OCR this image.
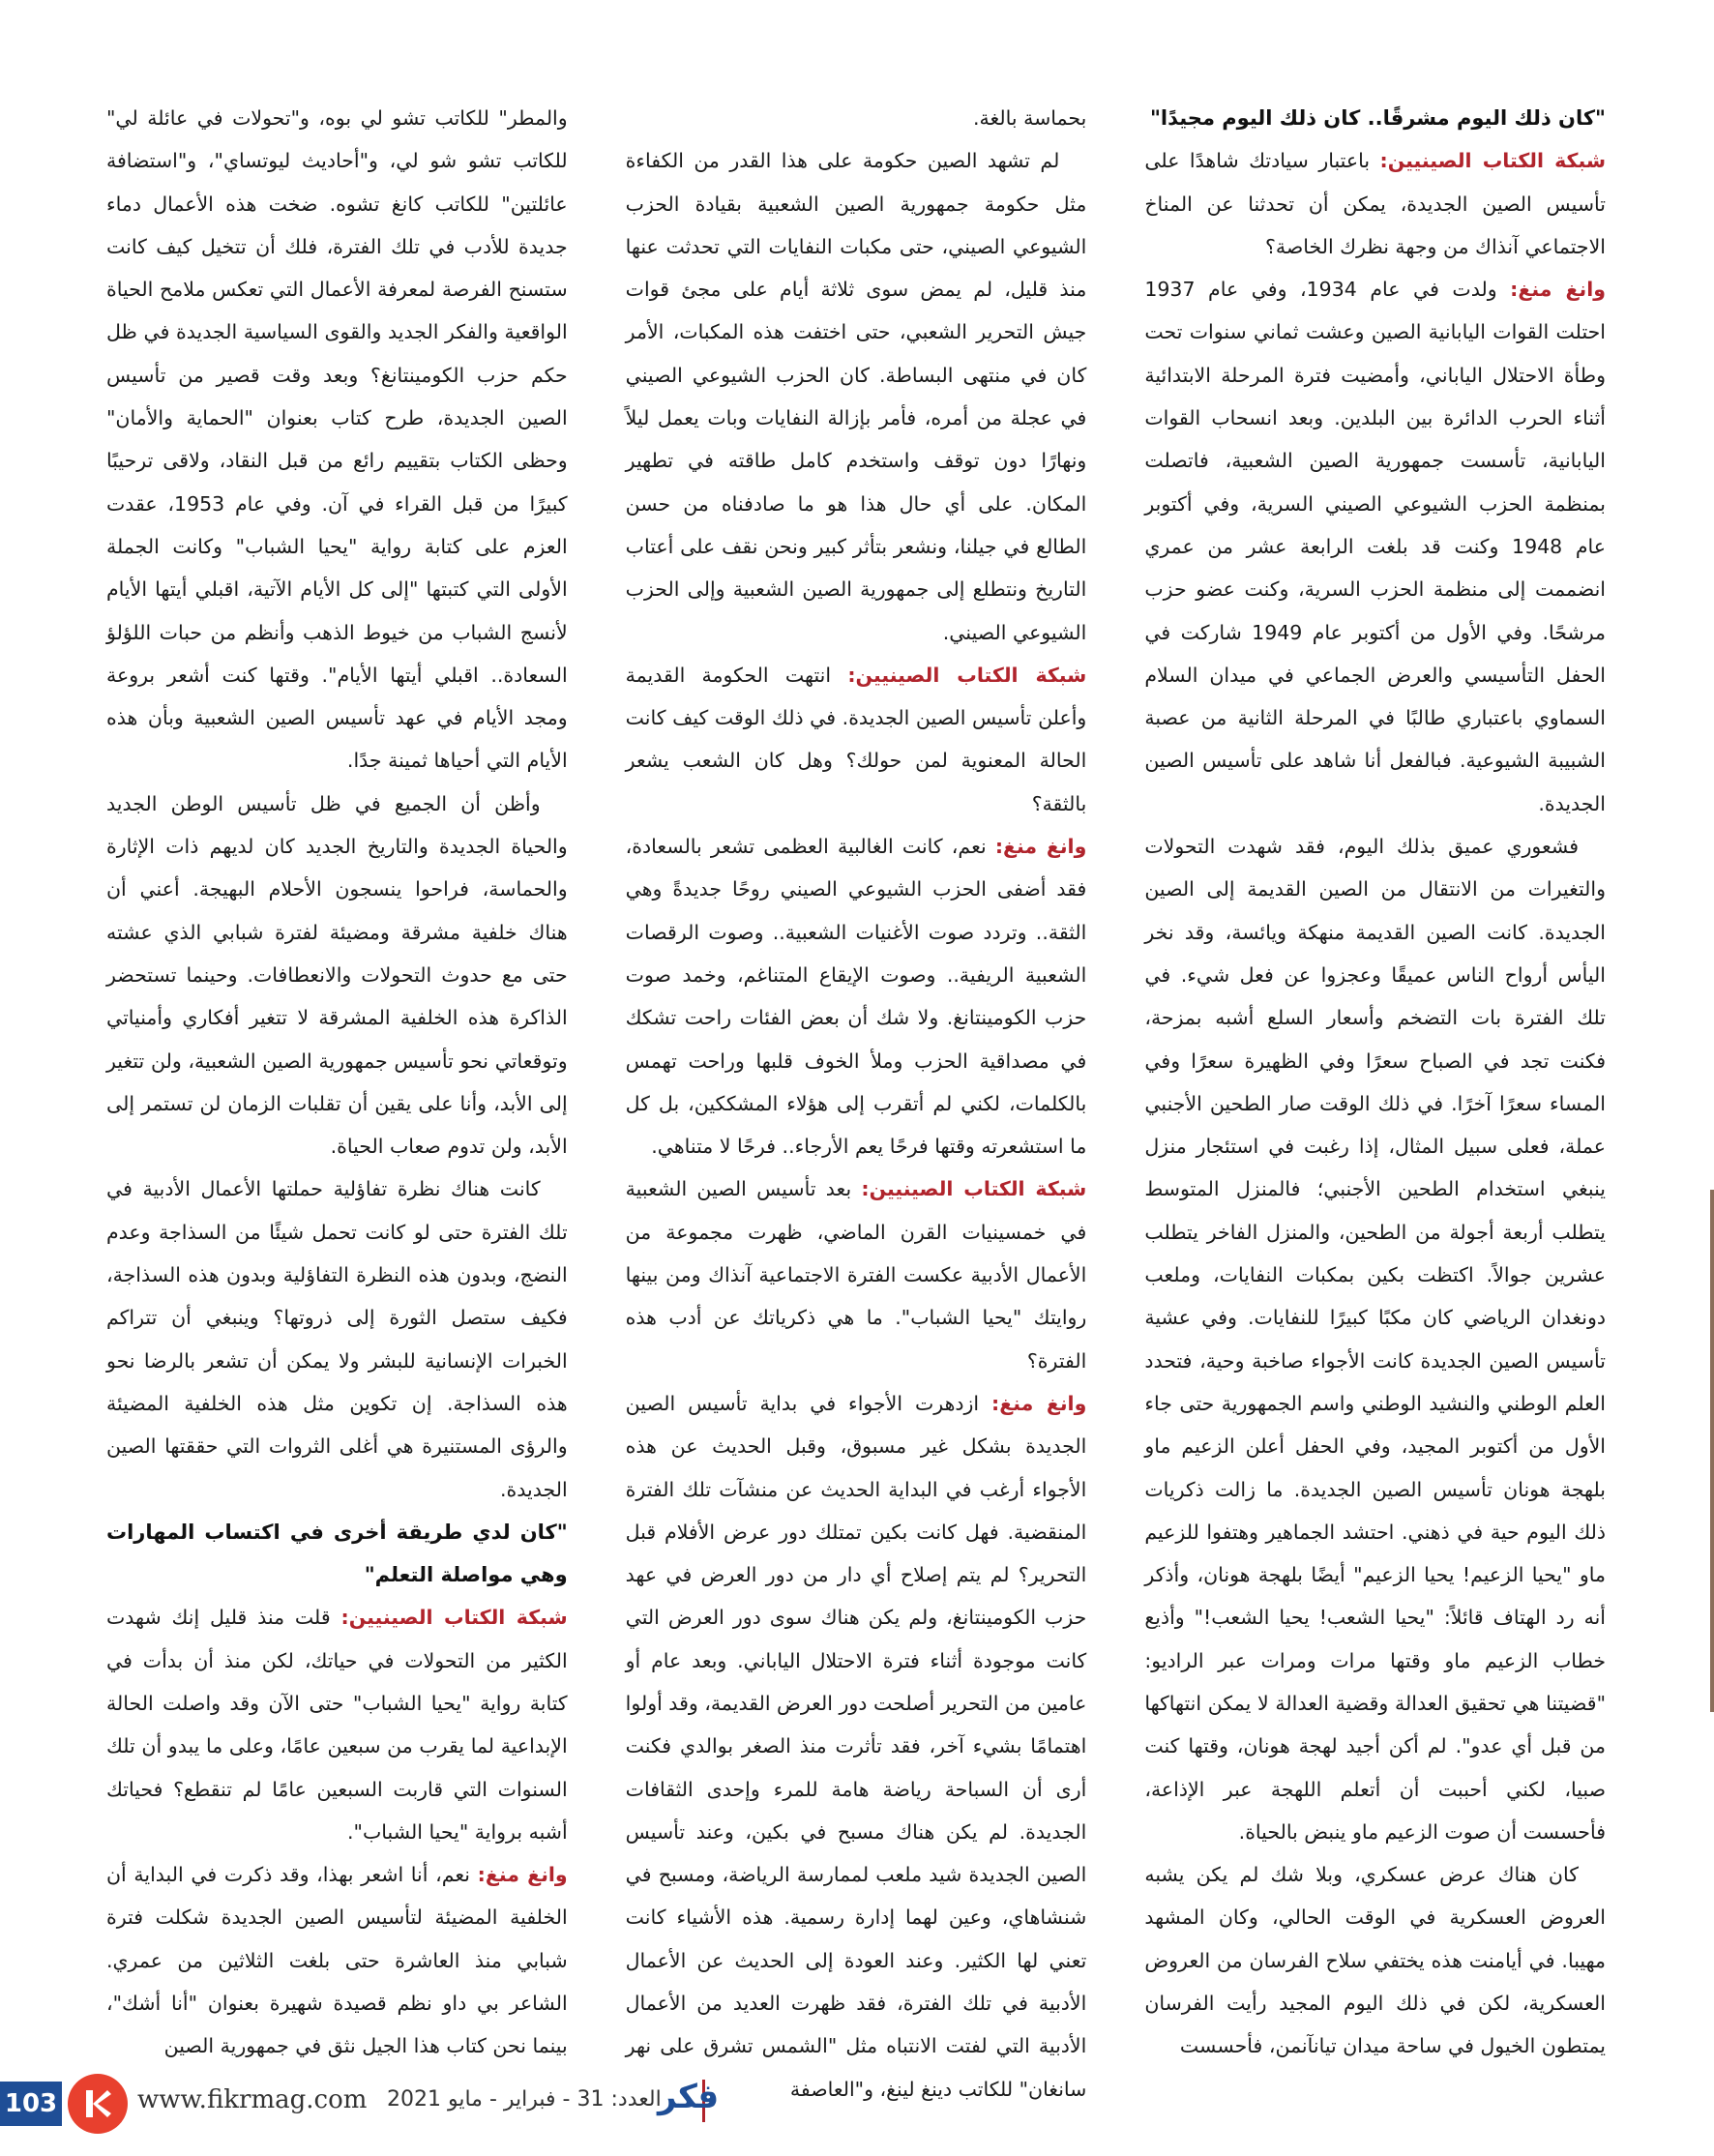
"كان ذلك اليوم مشرقًا.. كان ذلك اليوم مجيدًا"

شبكة الكتاب الصينيين: باعتبار سيادتك شاهدًا على تأسيس الصين الجديدة، يمكن أن تحدثنا عن المناخ الاجتماعي آنذاك من وجهة نظرك الخاصة؟

وانغ منغ: ولدت في عام 1934، وفي عام 1937 احتلت القوات اليابانية الصين وعشت ثماني سنوات تحت وطأة الاحتلال الياباني، وأمضيت فترة المرحلة الابتدائية أثناء الحرب الدائرة بين البلدين. وبعد انسحاب القوات اليابانية، تأسست جمهورية الصين الشعبية، فاتصلت بمنظمة الحزب الشيوعي الصيني السرية، وفي أكتوبر عام 1948 وكنت قد بلغت الرابعة عشر من عمري انضممت إلى منظمة الحزب السرية، وكنت عضو حزب مرشحًا. وفي الأول من أكتوبر عام 1949 شاركت في الحفل التأسيسي والعرض الجماعي في ميدان السلام السماوي باعتباري طالبًا في المرحلة الثانية من عصبة الشبيبة الشيوعية. فبالفعل أنا شاهد على تأسيس الصين الجديدة.

فشعوري عميق بذلك اليوم، فقد شهدت التحولات والتغيرات من الانتقال من الصين القديمة إلى الصين الجديدة. كانت الصين القديمة منهكة ويائسة، وقد نخر اليأس أرواح الناس عميقًا وعجزوا عن فعل شيء. في تلك الفترة بات التضخم وأسعار السلع أشبه بمزحة، فكنت تجد في الصباح سعرًا وفي الظهيرة سعرًا وفي المساء سعرًا آخرًا. في ذلك الوقت صار الطحين الأجنبي عملة، فعلى سبيل المثال، إذا رغبت في استئجار منزل ينبغي استخدام الطحين الأجنبي؛ فالمنزل المتوسط يتطلب أربعة أجولة من الطحين، والمنزل الفاخر يتطلب عشرين جوالاً. اكتظت بكين بمكبات النفايات، وملعب دونغدان الرياضي كان مكبًا كبيرًا للنفايات. وفي عشية تأسيس الصين الجديدة كانت الأجواء صاخبة وحية، فتحدد العلم الوطني والنشيد الوطني واسم الجمهورية حتى جاء الأول من أكتوبر المجيد، وفي الحفل أعلن الزعيم ماو بلهجة هونان تأسيس الصين الجديدة. ما زالت ذكريات ذلك اليوم حية في ذهني. احتشد الجماهير وهتفوا للزعيم ماو "يحيا الزعيم! يحيا الزعيم" أيضًا بلهجة هونان، وأذكر أنه رد الهتاف قائلاً: "يحيا الشعب! يحيا الشعب!" وأذيع خطاب الزعيم ماو وقتها مرات ومرات عبر الراديو: "قضيتنا هي تحقيق العدالة وقضية العدالة لا يمكن انتهاكها من قبل أي عدو". لم أكن أجيد لهجة هونان، وقتها كنت صبيا، لكني أحببت أن أتعلم اللهجة عبر الإذاعة، فأحسست أن صوت الزعيم ماو ينبض بالحياة.

كان هناك عرض عسكري، وبلا شك لم يكن يشبه العروض العسكرية في الوقت الحالي، وكان المشهد مهيبا. في أيامنت هذه يختفي سلاح الفرسان من العروض العسكرية، لكن في ذلك اليوم المجيد رأيت الفرسان يمتطون الخيول في ساحة ميدان تيانآنمن، فأحسست

بحماسة بالغة.

لم تشهد الصين حكومة على هذا القدر من الكفاءة مثل حكومة جمهورية الصين الشعبية بقيادة الحزب الشيوعي الصيني، حتى مكبات النفايات التي تحدثت عنها منذ قليل، لم يمض سوى ثلاثة أيام على مجئ قوات جيش التحرير الشعبي، حتى اختفت هذه المكبات، الأمر كان في منتهى البساطة. كان الحزب الشيوعي الصيني في عجلة من أمره، فأمر بإزالة النفايات وبات يعمل ليلاً ونهارًا دون توقف واستخدم كامل طاقته في تطهير المكان. على أي حال هذا هو ما صادفناه من حسن الطالع في جيلنا، ونشعر بتأثر كبير ونحن نقف على أعتاب التاريخ ونتطلع إلى جمهورية الصين الشعبية وإلى الحزب الشيوعي الصيني.

شبكة الكتاب الصينيين: انتهت الحكومة القديمة وأعلن تأسيس الصين الجديدة. في ذلك الوقت كيف كانت الحالة المعنوية لمن حولك؟ وهل كان الشعب يشعر بالثقة؟

وانغ منغ: نعم، كانت الغالبية العظمى تشعر بالسعادة، فقد أضفى الحزب الشيوعي الصيني روحًا جديدةً وهي الثقة.. وتردد صوت الأغنيات الشعبية.. وصوت الرقصات الشعبية الريفية.. وصوت الإيقاع المتناغم، وخمد صوت حزب الكومينتانغ. ولا شك أن بعض الفئات راحت تشكك في مصداقية الحزب وملأ الخوف قلبها وراحت تهمس بالكلمات، لكني لم أتقرب إلى هؤلاء المشككين، بل كل ما استشعرته وقتها فرحًا يعم الأرجاء.. فرحًا لا متناهي.

شبكة الكتاب الصينيين: بعد تأسيس الصين الشعبية في خمسينيات القرن الماضي، ظهرت مجموعة من الأعمال الأدبية عكست الفترة الاجتماعية آنذاك ومن بينها روايتك "يحيا الشباب". ما هي ذكرياتك عن أدب هذه الفترة؟

وانغ منغ: ازدهرت الأجواء في بداية تأسيس الصين الجديدة بشكل غير مسبوق، وقبل الحديث عن هذه الأجواء أرغب في البداية الحديث عن منشآت تلك الفترة المنقضية. فهل كانت بكين تمتلك دور عرض الأفلام قبل التحرير؟ لم يتم إصلاح أي دار من دور العرض في عهد حزب الكومينتانغ، ولم يكن هناك سوى دور العرض التي كانت موجودة أثناء فترة الاحتلال الياباني. وبعد عام أو عامين من التحرير أصلحت دور العرض القديمة، وقد أولوا اهتمامًا بشيء آخر، فقد تأثرت منذ الصغر بوالدي فكنت أرى أن السباحة رياضة هامة للمرء وإحدى الثقافات الجديدة. لم يكن هناك مسبح في بكين، وعند تأسيس الصين الجديدة شيد ملعب لممارسة الرياضة، ومسبح في شنشاهاي، وعين لهما إدارة رسمية. هذه الأشياء كانت تعني لها الكثير. وعند العودة إلى الحديث عن الأعمال الأدبية في تلك الفترة، فقد ظهرت العديد من الأعمال الأدبية التي لفتت الانتباه مثل "الشمس تشرق على نهر سانغان" للكاتب دينغ لينغ، و"العاصفة

والمطر" للكاتب تشو لي بوه، و"تحولات في عائلة لي" للكاتب تشو شو لي، و"أحاديث ليوتساي"، و"استضافة عائلتين" للكاتب كانغ تشوه. ضخت هذه الأعمال دماء جديدة للأدب في تلك الفترة، فلك أن تتخيل كيف كانت ستسنح الفرصة لمعرفة الأعمال التي تعكس ملامح الحياة الواقعية والفكر الجديد والقوى السياسية الجديدة في ظل حكم حزب الكومينتانغ؟ وبعد وقت قصير من تأسيس الصين الجديدة، طرح كتاب بعنوان "الحماية والأمان" وحظى الكتاب بتقييم رائع من قبل النقاد، ولاقى ترحيبًا كبيرًا من قبل القراء في آن. وفي عام 1953، عقدت العزم على كتابة رواية "يحيا الشباب" وكانت الجملة الأولى التي كتبتها "إلى كل الأيام الآتية، اقبلي أيتها الأيام لأنسج الشباب من خيوط الذهب وأنظم من حبات اللؤلؤ السعادة.. اقبلي أيتها الأيام". وقتها كنت أشعر بروعة ومجد الأيام في عهد تأسيس الصين الشعبية وبأن هذه الأيام التي أحياها ثمينة جدًا.

وأظن أن الجميع في ظل تأسيس الوطن الجديد والحياة الجديدة والتاريخ الجديد كان لديهم ذات الإثارة والحماسة، فراحوا ينسجون الأحلام البهيجة. أعني أن هناك خلفية مشرقة ومضيئة لفترة شبابي الذي عشته حتى مع حدوث التحولات والانعطافات. وحينما تستحضر الذاكرة هذه الخلفية المشرقة لا تتغير أفكاري وأمنياتي وتوقعاتي نحو تأسيس جمهورية الصين الشعبية، ولن تتغير إلى الأبد، وأنا على يقين أن تقلبات الزمان لن تستمر إلى الأبد، ولن تدوم صعاب الحياة.

كانت هناك نظرة تفاؤلية حملتها الأعمال الأدبية في تلك الفترة حتى لو كانت تحمل شيئًا من السذاجة وعدم النضج، وبدون هذه النظرة التفاؤلية وبدون هذه السذاجة، فكيف ستصل الثورة إلى ذروتها؟ وينبغي أن تتراكم الخبرات الإنسانية للبشر ولا يمكن أن تشعر بالرضا نحو هذه السذاجة. إن تكوين مثل هذه الخلفية المضيئة والرؤى المستنيرة هي أغلى الثروات التي حققتها الصين الجديدة.

"كان لدي طريقة أخرى في اكتساب المهارات وهي مواصلة التعلم"

شبكة الكتاب الصينيين: قلت منذ قليل إنك شهدت الكثير من التحولات في حياتك، لكن منذ أن بدأت في كتابة رواية "يحيا الشباب" حتى الآن وقد واصلت الحالة الإبداعية لما يقرب من سبعين عامًا، وعلى ما يبدو أن تلك السنوات التي قاربت السبعين عامًا لم تنقطع؟ فحياتك أشبه برواية "يحيا الشباب".

وانغ منغ: نعم، أنا اشعر بهذا، وقد ذكرت في البداية أن الخلفية المضيئة لتأسيس الصين الجديدة شكلت فترة شبابي منذ العاشرة حتى بلغت الثلاثين من عمري. الشاعر بي داو نظم قصيدة شهيرة بعنوان "أنا أشك"، بينما نحن كتاب هذا الجيل نثق في جمهورية الصين

103	www.fikrmag.com العدد: 31 - فبراير - مايو 2021
فكر
